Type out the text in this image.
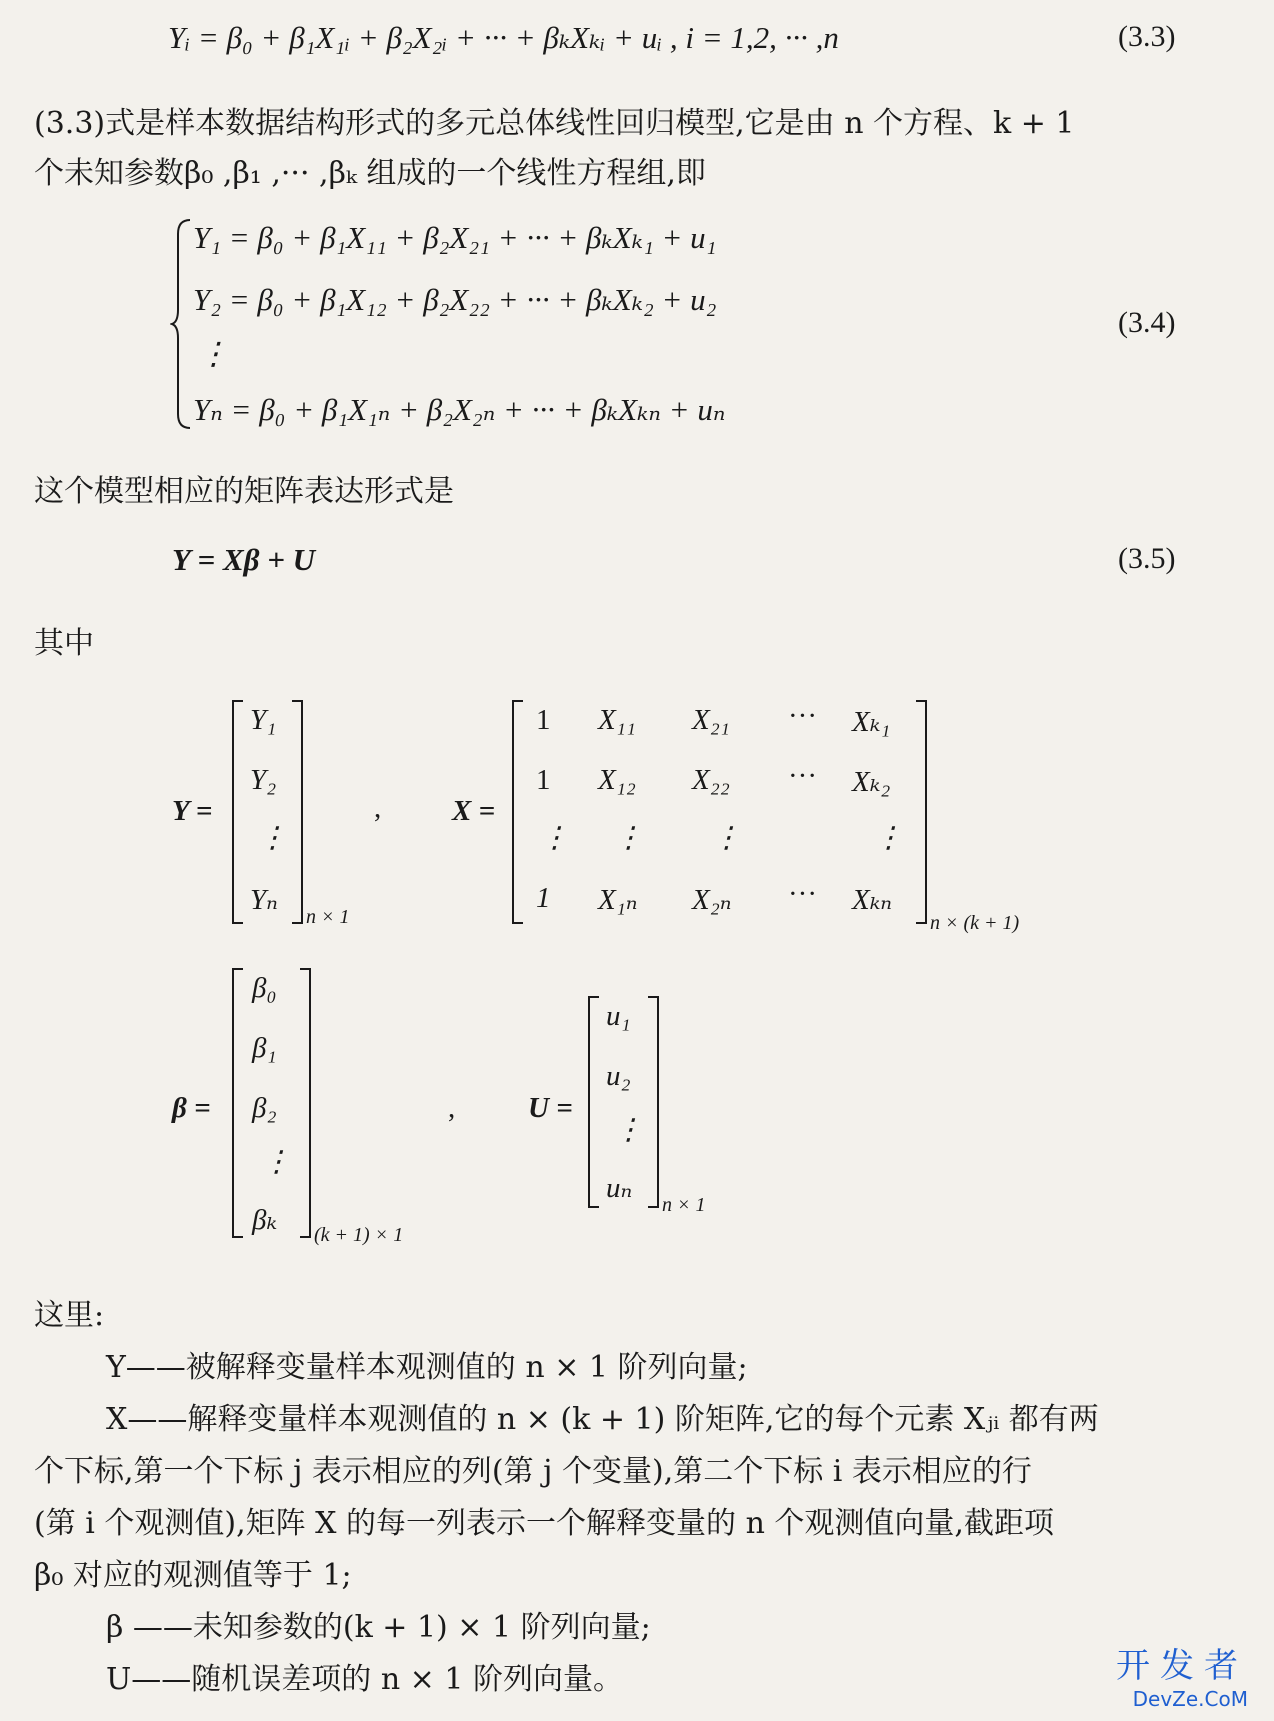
Yᵢ = β₀ + β₁X₁ᵢ + β₂X₂ᵢ + ··· + βₖXₖᵢ + uᵢ , i = 1,2, ··· ,n	(3.3)
(3.3)式是样本数据结构形式的多元总体线性回归模型,它是由 n 个方程、k + 1
个未知参数β₀ ,β₁ ,··· ,βₖ 组成的一个线性方程组,即
Y₁ = β₀ + β₁X₁₁ + β₂X₂₁ + ··· + βₖXₖ₁ + u₁
Y₂ = β₀ + β₁X₁₂ + β₂X₂₂ + ··· + βₖXₖ₂ + u₂
⋮
Yₙ = β₀ + β₁X₁ₙ + β₂X₂ₙ + ··· + βₖXₖₙ + uₙ
(3.4)
这个模型相应的矩阵表达形式是
Y = Xβ + U	(3.5)
其中
Y =
Y₁
Y₂
⋮
Yₙ
n × 1
, X =
1 X₁₁ X₂₁ ··· Xₖ₁
1 X₁₂ X₂₂ ··· Xₖ₂
⋮ ⋮ ⋮	⋮
1 X₁ₙ X₂ₙ ··· Xₖₙ
n × (k + 1)
β =
β₀
β₁
β₂
⋮
βₖ (k + 1) × 1
,	U =
u₁
u₂
⋮
uₙ
n × 1
这里:
Y——被解释变量样本观测值的 n × 1 阶列向量;
X——解释变量样本观测值的 n × (k + 1) 阶矩阵,它的每个元素 Xⱼᵢ 都有两
个下标,第一个下标 j 表示相应的列(第 j 个变量),第二个下标 i 表示相应的行
(第 i 个观测值),矩阵 X 的每一列表示一个解释变量的 n 个观测值向量,截距项
β₀ 对应的观测值等于 1;
β ——未知参数的(k + 1) × 1 阶列向量;
U——随机误差项的 n × 1 阶列向量。	开发者
DevZe.CoM
